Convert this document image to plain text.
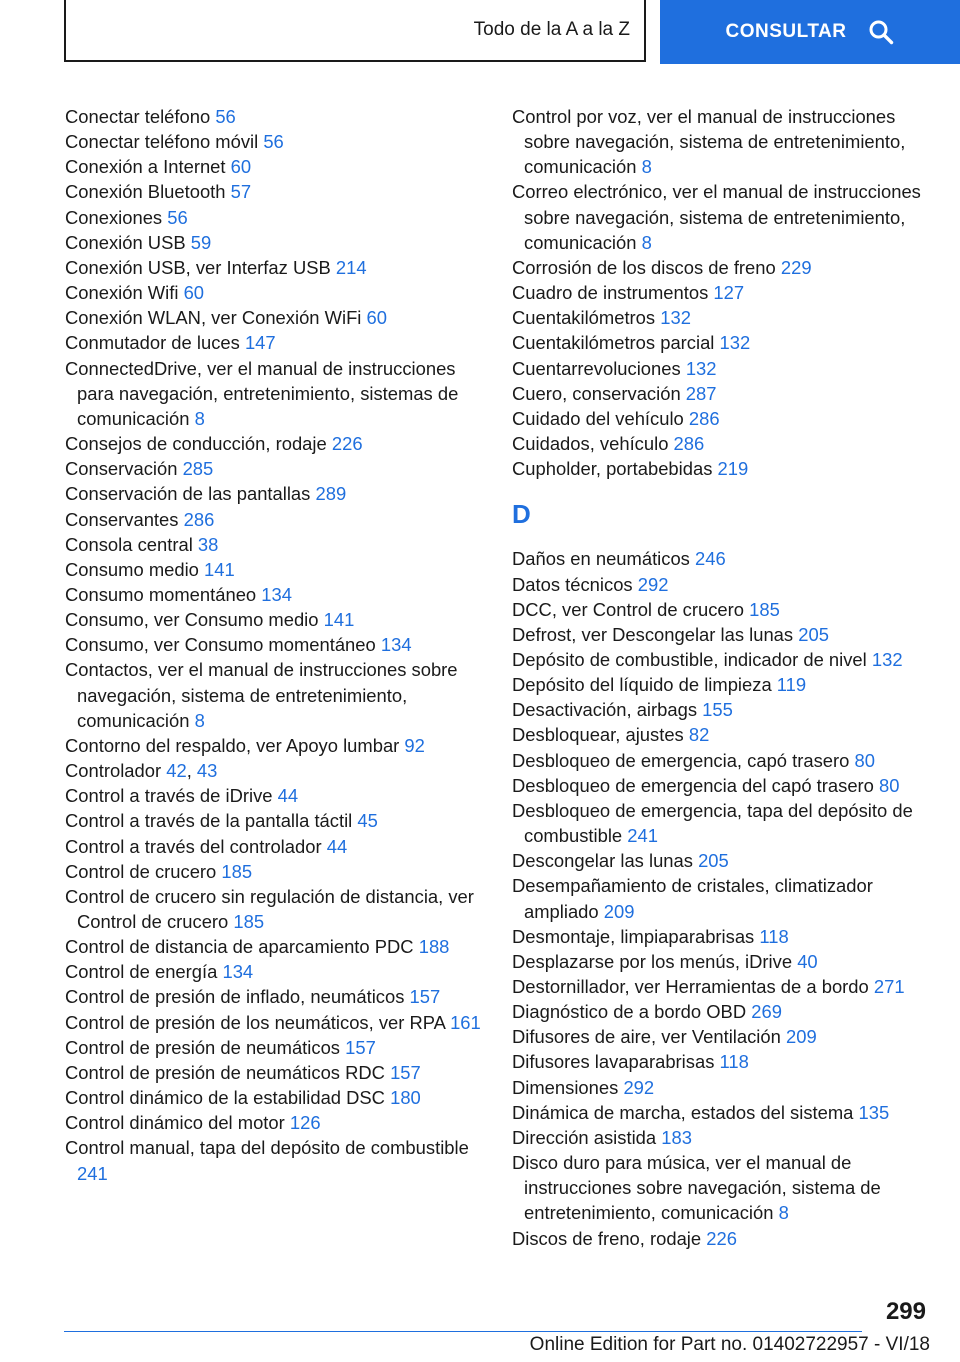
Todo de la A a la Z	CONSULTAR

Conectar teléfono 56

Conectar teléfono móvil 56

Conexión a Internet 60

Conexión Bluetooth 57

Conexiones 56

Conexión USB 59

Conexión USB, ver Interfaz USB 214

Conexión Wifi 60

Conexión WLAN, ver Conexión WiFi 60

Conmutador de luces 147

ConnectedDrive, ver el manual de instrucciones para navegación, entretenimiento, sistemas de comunicación 8

Consejos de conducción, rodaje 226

Conservación 285

Conservación de las pantallas 289

Conservantes 286

Consola central 38

Consumo medio 141

Consumo momentáneo 134

Consumo, ver Consumo medio 141

Consumo, ver Consumo momentáneo 134

Contactos, ver el manual de instrucciones sobre navegación, sistema de entretenimiento, comunicación 8

Contorno del respaldo, ver Apoyo lumbar 92

Controlador 42, 43

Control a través de iDrive 44

Control a través de la pantalla táctil 45

Control a través del controlador 44

Control de crucero 185

Control de crucero sin regulación de distancia, ver Control de crucero 185

Control de distancia de aparcamiento PDC 188

Control de energía 134

Control de presión de inflado, neumáticos 157

Control de presión de los neumáticos, ver RPA 161

Control de presión de neumáticos 157

Control de presión de neumáticos RDC 157

Control dinámico de la estabilidad DSC 180

Control dinámico del motor 126

Control manual, tapa del depósito de combustible 241

Control por voz, ver el manual de instrucciones sobre navegación, sistema de entretenimiento, comunicación 8

Correo electrónico, ver el manual de instrucciones sobre navegación, sistema de entretenimiento, comunicación 8

Corrosión de los discos de freno 229

Cuadro de instrumentos 127

Cuentakilómetros 132

Cuentakilómetros parcial 132

Cuentarrevoluciones 132

Cuero, conservación 287

Cuidado del vehículo 286

Cuidados, vehículo 286

Cupholder, portabebidas 219

D

Daños en neumáticos 246

Datos técnicos 292

DCC, ver Control de crucero 185

Defrost, ver Descongelar las lunas 205

Depósito de combustible, indicador de nivel 132

Depósito del líquido de limpieza 119

Desactivación, airbags 155

Desbloquear, ajustes 82

Desbloqueo de emergencia, capó trasero 80

Desbloqueo de emergencia del capó trasero 80

Desbloqueo de emergencia, tapa del depósito de combustible 241

Descongelar las lunas 205

Desempañamiento de cristales, climatizador ampliado 209

Desmontaje, limpiaparabrisas 118

Desplazarse por los menús, iDrive 40

Destornillador, ver Herramientas de a bordo 271

Diagnóstico de a bordo OBD 269

Difusores de aire, ver Ventilación 209

Difusores lavaparabrisas 118

Dimensiones 292

Dinámica de marcha, estados del sistema 135

Dirección asistida 183

Disco duro para música, ver el manual de instrucciones sobre navegación, sistema de entretenimiento, comunicación 8

Discos de freno, rodaje 226

299
Online Edition for Part no. 01402722957 - VI/18
